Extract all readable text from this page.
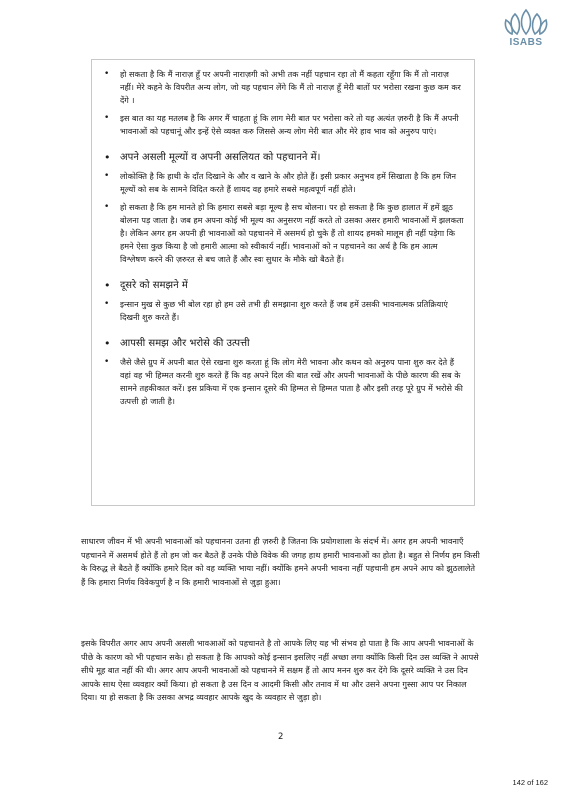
ISABS
• हो सकता है कि मैं नाराज़ हूँ पर अपनी नाराज़गी को अभी तक नहीं पहचान रहा तो मैं कहता रहूँगा कि मैं तो नाराज़ नहीं। मेरे कहने के विपरीत अन्य लोग, जो यह पहचान लेंगे कि मैं तो नाराज़ हूँ मेरी बातों पर भरोसा रखना कुछ कम कर देंगे ।
• इस बात का यह मतलब है कि अगर मैं चाहता हूं कि लाग मेरी बात पर भरोसा करे तो यह अत्यंत ज़रुरी है कि मैं अपनी भावनाओं को पहचानूं और इन्हें ऐसे व्यक्त करु जिससे अन्य लोग मेरी बात और मेरे हाव भाव को अनुरुप पाएं।
• अपने असली मूल्यों व अपनी असलियत को पहचानने में।
• लोकोक्ति है कि हाथी के दाँत दिखाने के और व खाने के और होते हैं। इसी प्रकार अनुभव हमें सिखाता है कि हम जिन मूल्यों को सब के सामने विदित करते हैं शायद वह हमारे सबसे महत्वपूर्ण नहीं होते।
• हो सकता है कि हम मानते हो कि हमारा सबसे बड़ा मूल्य है सच बोलना। पर हो सकता है कि कुछ हालात में हमें झूठ बोलना पड़ जाता है। जब हम अपना कोई भी मूल्य का अनुसरण नहीं करते तो उसका असर हमारी भावनाओं में झलकता है। लेकिन अगर हम अपनी ही भावनाओं को पहचानने में असमर्थ हो चुके हैं तो शायद हमको मालूम ही नहीं पड़ेगा कि हमने ऐसा कुछ किया है जो हमारी आत्मा को स्वीकार्य नहीं। भावनाओं को न पहचानने का अर्थ है कि हम आत्म विश्लेषण करने की ज़रुरत से बच जाते हैं और स्वः सुधार के मौके खो बैठते हैं।
• दूसरे को समझने में
• इन्सान मुख से कुछ भी बोल रहा हो हम उसे तभी ही समझाना शुरु करते हैं जब हमें उसकी भावनात्मक प्रतिक्रियाएं दिखनी शुरु करते हैं।
• आपसी समझ और भरोसे की उत्पत्ती
• जैसे जैसे ग्रुप में अपनी बात ऐसे रखना शुरु करता हूं कि लोग मेरी भावना और कथन को अनुरुप पाना शुरु कर देते हैं वहां वह भी हिम्मत करनी शुरु करते हैं कि वह अपने दिल की बात रखें और अपनी भावनाओं के पीछे कारण की सब के सामने तहकीकात करें। इस प्रकिया में एक इन्सान दूसरे की हिम्मत से हिम्मत पाता है और इसी तरह पूरे ग्रुप में भरोसे की उत्पत्ती हो जाती है।

साधारण जीवन में भी अपनी भावनाओं को पहचानना उतना ही ज़रुरी है जितना कि प्रयोगशाला के संदर्भ में। अगर हम अपनी भावनाएँ पहचानने में असमर्थ होते हैं तो हम जो कर बैठते हैं उनके पीछे विवेक की जगह हाथ हमारी भावनाओं का होता है। बहुत से निर्णय हम किसी के विरुद्ध ले बैठते हैं क्योंकि हमारे दिल को वह व्यक्ति भाया नहीं। क्योंकि हमने अपनी भावना नहीं पहचानी हम अपने आप को झुठलालेते हैं कि हमारा निर्णय विवेकपुर्ण है न कि हमारी भावनाओं से जुड़ा हुआ।

इसके विपरीत अगर आप अपनी असली भावआओं को पहचानते है तो आपके लिए यह भी संभव हो पाता है कि आप अपनी भावनाओं के पीछे के कारण को भी पहचान सके। हो सकता है कि आपको कोई इन्सान इसलिए नहीं अच्छा लगा क्योंकि किसी दिन उस व्यक्ति ने आपसे सीधे मूह बात नहीं की थी। अगर आप अपनी भावनाओं को पहचानने में सक्षम हैं तो आप मनन शुरु कर देंगे कि दूसरे व्यक्ति ने उस दिन आपके साथ ऐसा व्यवहार क्यों किया। हो सकता है उस दिन व आदमी किसी और तनाव में था और उसने अपना गुस्सा आप पर निकाल दिया। या हो सकता है कि उसका अभद्र व्यवहार आपके खुद के व्यवहार से जुड़ा हो।

2
142 of 162
